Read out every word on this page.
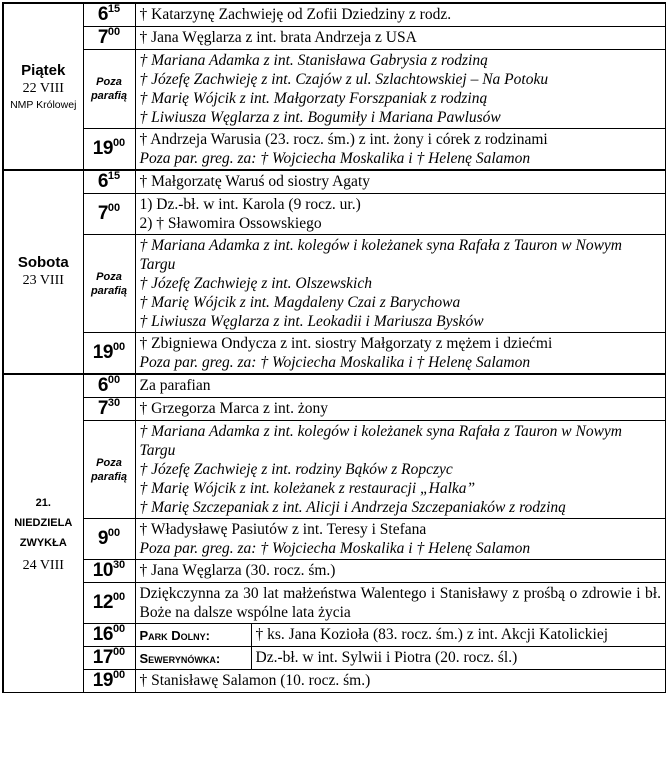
Piątek
22 VIII
NMP Królowej	$6^{15}$	† Katarzynę Zachwieję od Zofii Dziedziny z rodz.	

	$7^{00}$	† Jana Węglarza z int. brata Andrzeja z USA	

	Poza parafią	† Mariana Adamka z int. Stanisława Gabrysia z rodziną
† Józefę Zachwieję z int. Czajów z ul. Szlachtowskiej – Na Potoku
† Marię Wójcik z int. Małgorzaty Forszpaniak z rodziną
† Liwiusza Węglarza z int. Bogumiły i Mariana Pawlusów	

	$19^{00}$	† Andrzeja Warusia (23. rocz. śm.) z int. żony i córek z rodzinami
Poza par. greg. za: † Wojciecha Moskalika i † Helenę Salamon	

Sobota
23 VIII	$6^{15}$	† Małgorzatę Waruś od siostry Agaty	

	$7^{00}$	1) Dz.-bł. w int. Karola (9 rocz. ur.)
2) † Sławomira Ossowskiego	

	Poza parafią	† Mariana Adamka z int. kolegów i koleżanek syna Rafała z Tauron w Nowym Targu
† Józefę Zachwieję z int. Olszewskich
† Marię Wójcik z int. Magdaleny Czai z Barychowa
† Liwiusza Węglarza z int. Leokadii i Mariusza Bysków	

	$19^{00}$	† Zbigniewa Ondycza z int. siostry Małgorzaty z mężem i dziećmi
Poza par. greg. za: † Wojciecha Moskalika i † Helenę Salamon	

21.
NIEDZIELA
ZWYKŁA
24 VIII	$6^{00}$	Za parafian	

	$7^{30}$	† Grzegorza Marca z int. żony	

	Poza parafią	† Mariana Adamka z int. kolegów i koleżanek syna Rafała z Tauron w Nowym Targu
† Józefę Zachwieję z int. rodziny Bąków z Ropczyc
† Marię Wójcik z int. koleżanek z restauracji „Halka”
† Marię Szczepaniak z int. Alicji i Andrzeja Szczepaniaków z rodziną	

	$9^{00}$	† Władysławę Pasiutów z int. Teresy i Stefana
Poza par. greg. za: † Wojciecha Moskalika i † Helenę Salamon	

	$10^{30}$	† Jana Węglarza (30. rocz. śm.)	

	$12^{00}$	Dziękczynna za 30 lat małżeństwa Walentego i Stanisławy z prośbą o zdrowie i bł. Boże na dalsze wspólne lata życia	

	$16^{00}$	Park Dolny:	† ks. Jana Kozioła (83. rocz. śm.) z int. Akcji Katolickiej

	$17^{00}$	Sewerynówka:	Dz.-bł. w int. Sylwii i Piotra (20. rocz. śl.)

	$19^{00}$	† Stanisławę Salamon (10. rocz. śm.)	
